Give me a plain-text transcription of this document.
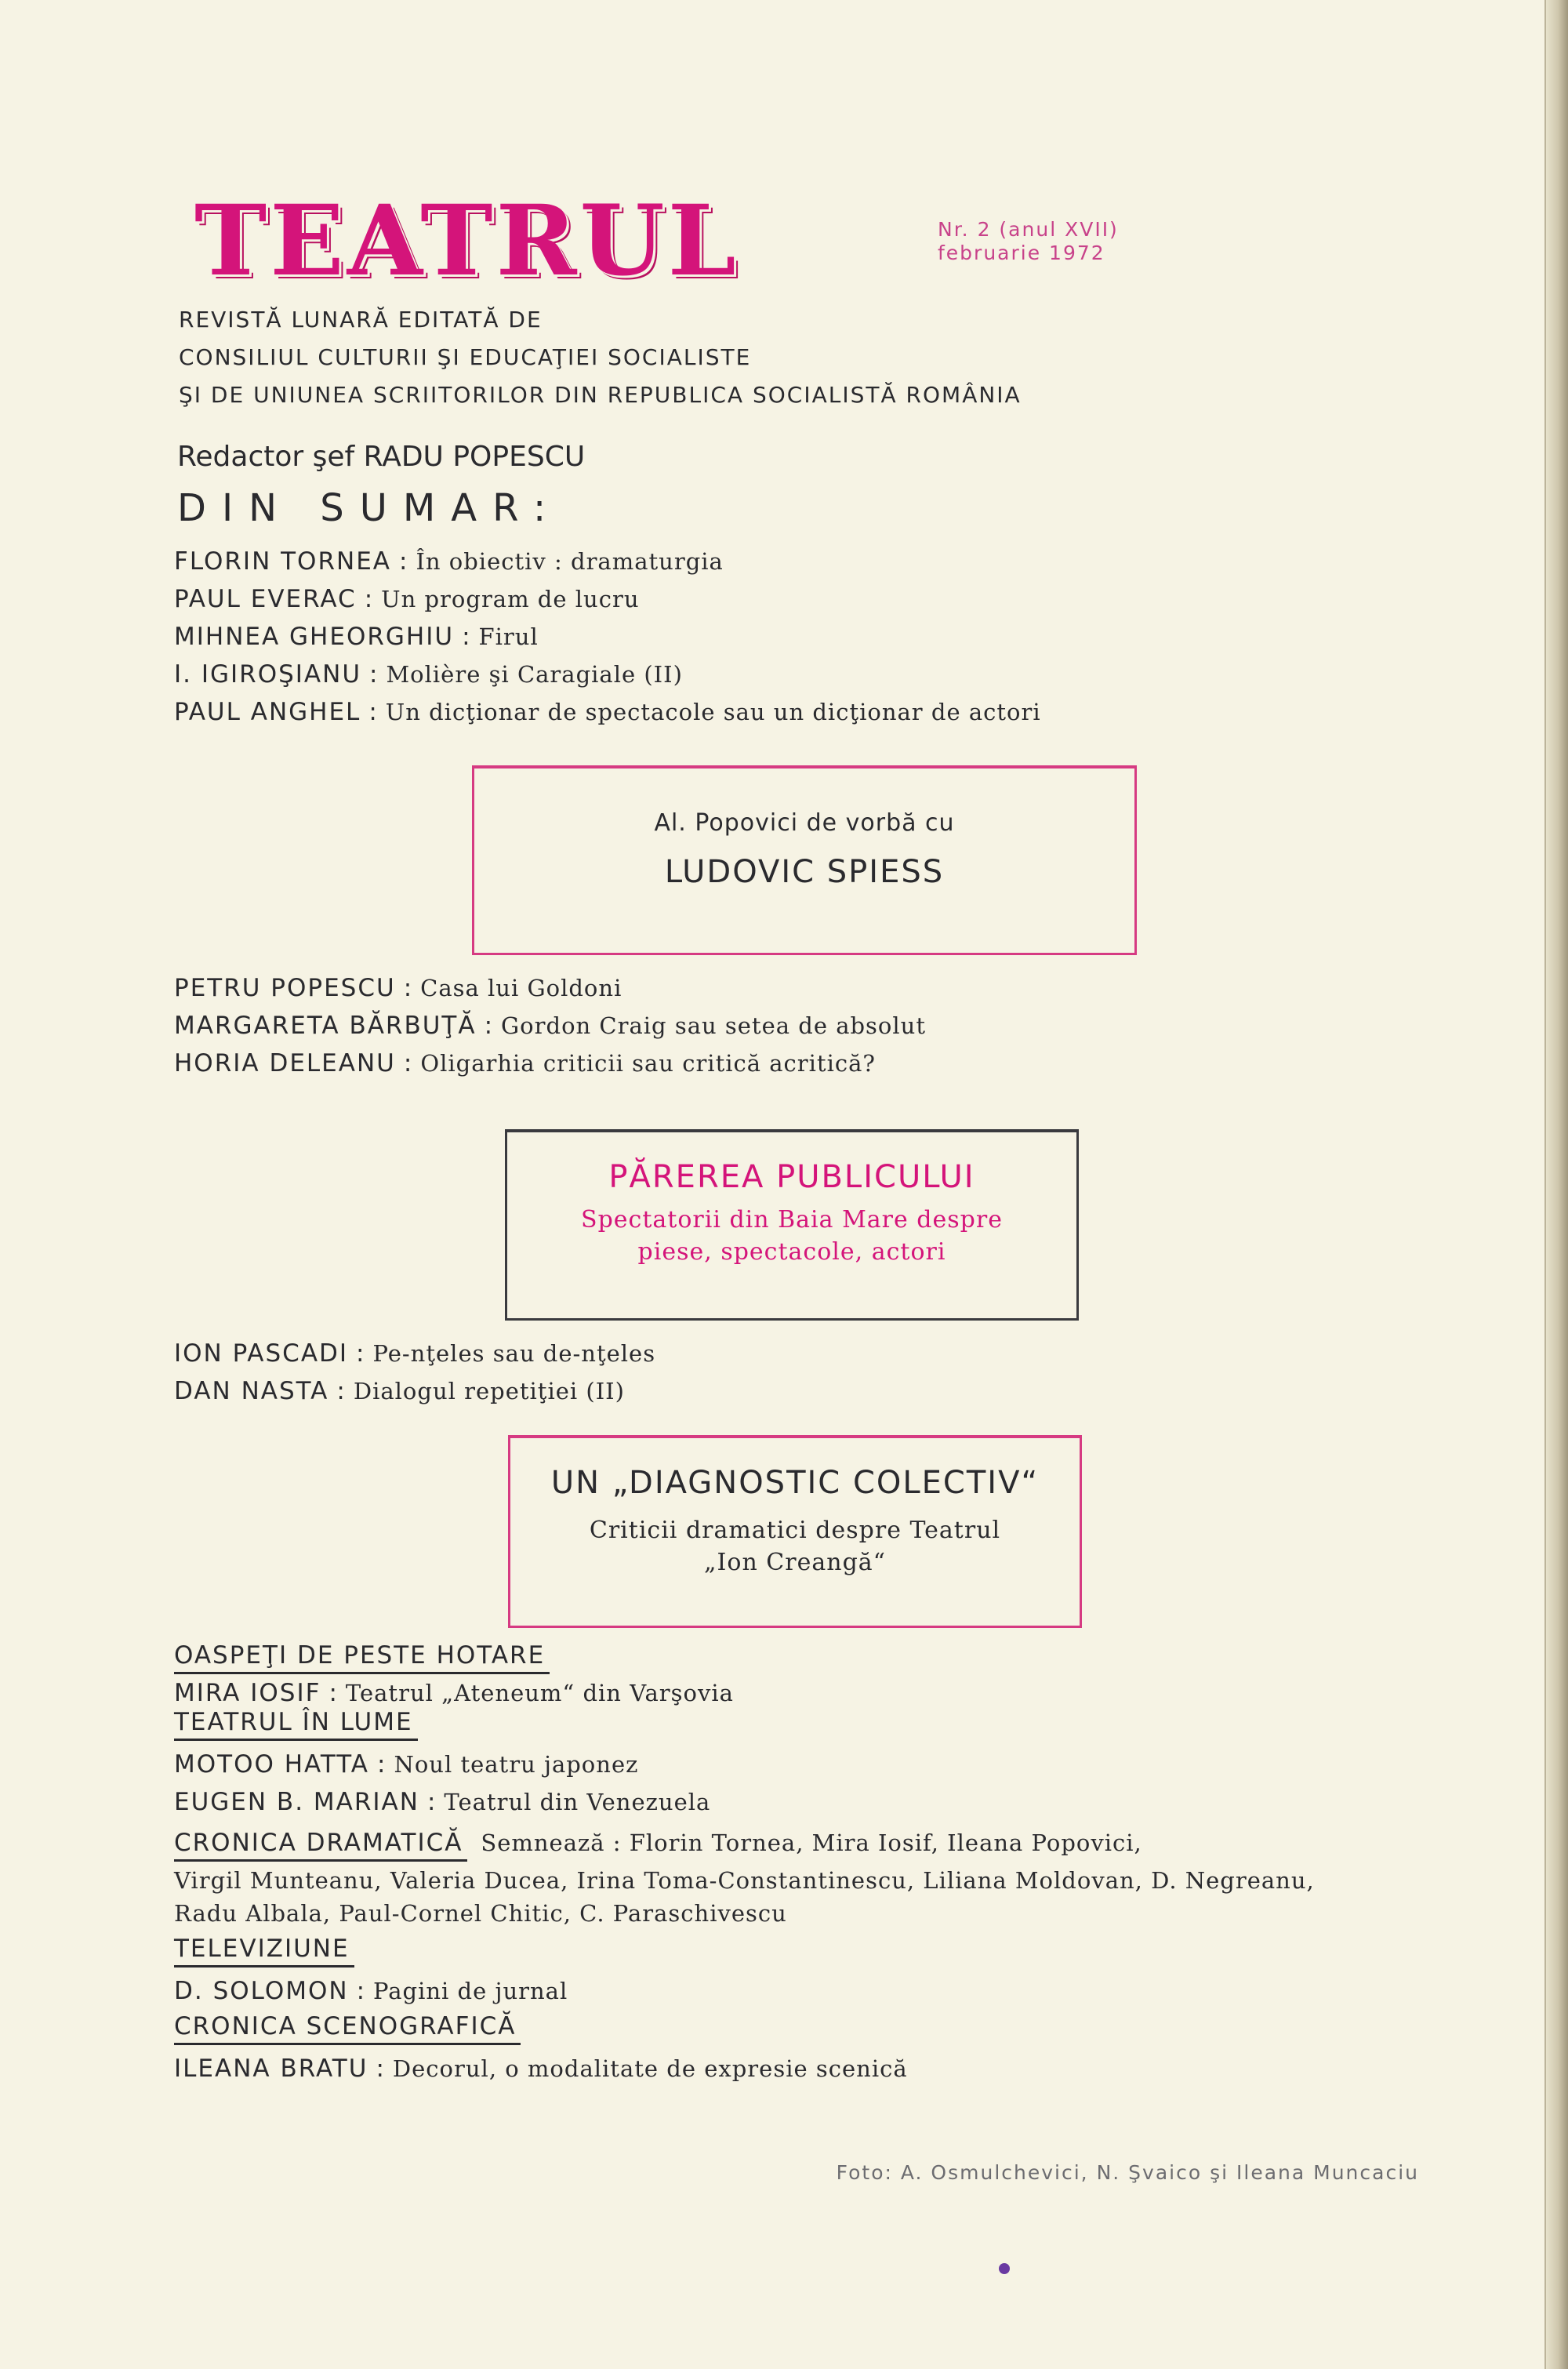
TEATRUL	Nr. 2 (anul XVII)
februarie 1972
REVISTĂ LUNARĂ EDITATĂ DE
CONSILIUL CULTURII ŞI EDUCAŢIEI SOCIALISTE
ŞI DE UNIUNEA SCRIITORILOR DIN REPUBLICA SOCIALISTĂ ROMÂNIA
Redactor şef RADU POPESCU
DIN SUMAR:
FLORIN TORNEA : În obiectiv : dramaturgia
PAUL EVERAC : Un program de lucru
MIHNEA GHEORGHIU : Firul
I. IGIROŞIANU : Molière şi Caragiale (II)
PAUL ANGHEL : Un dicţionar de spectacole sau un dicţionar de actori
Al. Popovici de vorbă cu
LUDOVIC SPIESS
PETRU POPESCU : Casa lui Goldoni
MARGARETA BĂRBUŢĂ : Gordon Craig sau setea de absolut
HORIA DELEANU : Oligarhia criticii sau critică acritică?
PĂREREA PUBLICULUI
Spectatorii din Baia Mare despre
piese, spectacole, actori
ION PASCADI : Pe-nţeles sau de-nţeles
DAN NASTA : Dialogul repetiţiei (II)
UN „DIAGNOSTIC COLECTIV“
Criticii dramatici despre Teatrul
„Ion Creangă“
OASPEŢI DE PESTE HOTARE
MIRA IOSIF : Teatrul „Ateneum“ din Varşovia
TEATRUL ÎN LUME
MOTOO HATTA : Noul teatru japonez
EUGEN B. MARIAN : Teatrul din Venezuela
CRONICA DRAMATICĂ Semnează : Florin Tornea, Mira Iosif, Ileana Popovici,
Virgil Munteanu, Valeria Ducea, Irina Toma-Constantinescu, Liliana Moldovan, D. Negreanu,
Radu Albala, Paul-Cornel Chitic, C. Paraschivescu
TELEVIZIUNE
D. SOLOMON : Pagini de jurnal
CRONICA SCENOGRAFICĂ
ILEANA BRATU : Decorul, o modalitate de expresie scenică
Foto: A. Osmulchevici, N. Şvaico şi Ileana Muncaciu
